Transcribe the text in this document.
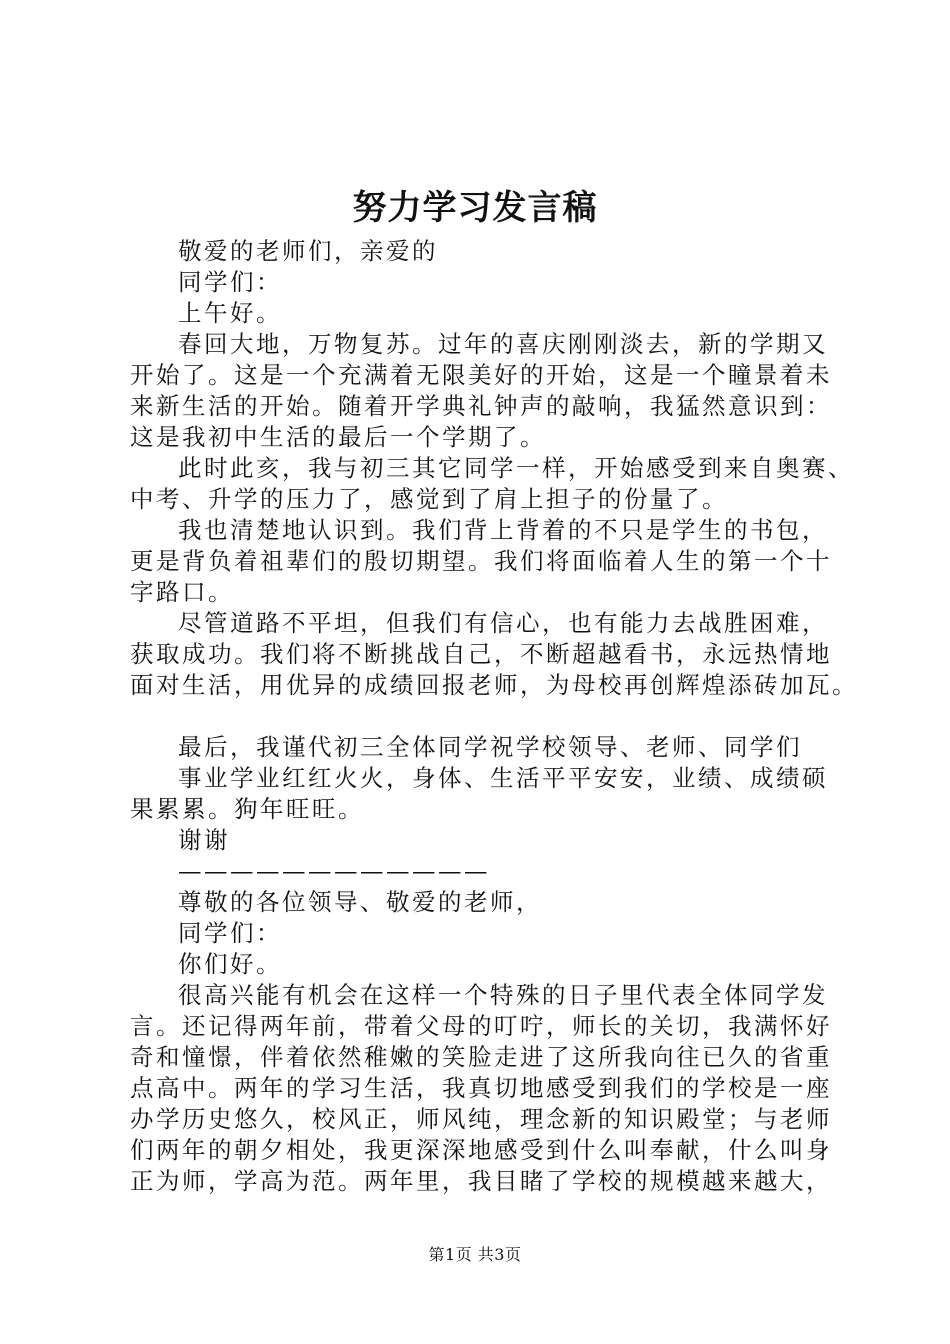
努力学习发言稿
敬爱的老师们，亲爱的
同学们：
上午好。
春回大地，万物复苏。过年的喜庆刚刚淡去，新的学期又
开始了。这是一个充满着无限美好的开始，这是一个瞳景着未
来新生活的开始。随着开学典礼钟声的敲响，我猛然意识到：
这是我初中生活的最后一个学期了。
此时此亥，我与初三其它同学一样，开始感受到来自奥赛、
中考、升学的压力了，感觉到了肩上担子的份量了。
我也清楚地认识到。我们背上背着的不只是学生的书包，
更是背负着祖辈们的殷切期望。我们将面临着人生的第一个十
字路口。
尽管道路不平坦，但我们有信心，也有能力去战胜困难，
获取成功。我们将不断挑战自己，不断超越看书，永远热情地
面对生活，用优异的成绩回报老师，为母校再创辉煌添砖加瓦。
最后，我谨代初三全体同学祝学校领导、老师、同学们
事业学业红红火火，身体、生活平平安安，业绩、成绩硕
果累累。狗年旺旺。
谢谢
————————————
尊敬的各位领导、敬爱的老师，
同学们：
你们好。
很高兴能有机会在这样一个特殊的日子里代表全体同学发
言。还记得两年前，带着父母的叮咛，师长的关切，我满怀好
奇和憧憬，伴着依然稚嫩的笑脸走进了这所我向往已久的省重
点高中。两年的学习生活，我真切地感受到我们的学校是一座
办学历史悠久，校风正，师风纯，理念新的知识殿堂；与老师
们两年的朝夕相处，我更深深地感受到什么叫奉献，什么叫身
正为师，学高为范。两年里，我目睹了学校的规模越来越大，
第1页 共3页
